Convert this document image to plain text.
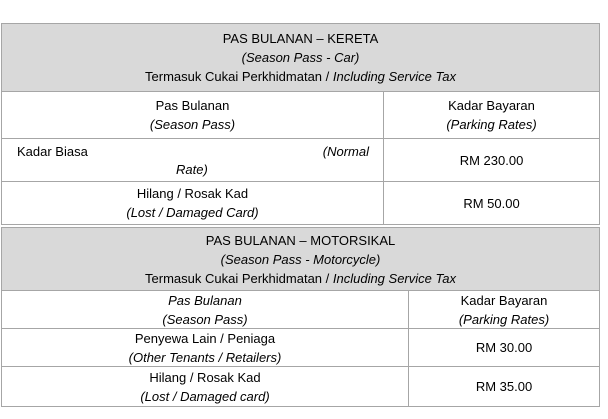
PAS BULANAN – KERETA
(Season Pass - Car)
Termasuk Cukai Perkhidmatan / Including Service Tax
Pas Bulanan
(Season Pass)
Kadar Bayaran
(Parking Rates)
Kadar Biasa	(Normal
Rate)
RM 230.00
Hilang / Rosak Kad
(Lost / Damaged Card)
RM 50.00
PAS BULANAN – MOTORSIKAL
(Season Pass - Motorcycle)
Termasuk Cukai Perkhidmatan / Including Service Tax
Pas Bulanan
(Season Pass)
Kadar Bayaran
(Parking Rates)
Penyewa Lain / Peniaga
(Other Tenants / Retailers)
RM 30.00
Hilang / Rosak Kad
(Lost / Damaged card)
RM 35.00
